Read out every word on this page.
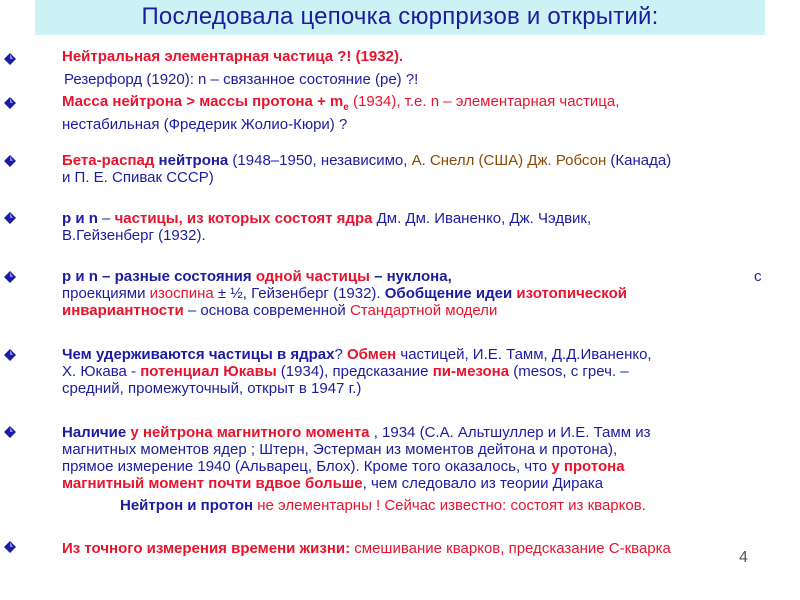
Последовала цепочка сюрпризов и открытий:
Нейтральная элементарная частица ?! (1932).
Резерфорд (1920): n – связанное состояние (pe) ?!
Масса нейтрона > массы протона + $m_e$ (1934), т.е. n – элементарная частица,
нестабильная (Фредерик Жолио-Кюри) ?
Бета-распад нейтрона (1948–1950, независимо, А. Снелл (США) Дж. Робсон (Канада)
и П. Е. Спивак СССР)
p и n – частицы, из которых состоят ядра Дм. Дм. Иваненко, Дж. Чэдвик,
В.Гейзенберг (1932).
p и n – разные состояния одной частицы – нуклона,	с

проекциями изоспина ± ½, Гейзенберг (1932). Обобщение идеи изотопической
инвариантности – основа современной Стандартной модели
Чем удерживаются частицы в ядрах? Обмен частицей, И.Е. Тамм, Д.Д.Иваненко,
Х. Юкава - потенциал Юкавы (1934), предсказание пи-мезона (mesos, с греч. –
средний, промежуточный, открыт в 1947 г.)
Наличие у нейтрона магнитного момента , 1934 (С.А. Альтшуллер и И.Е. Тамм из
магнитных моментов ядер ; Штерн, Эстерман из моментов дейтона и протона),
прямое измерение 1940 (Альварец, Блох). Кроме того оказалось, что у протона
магнитный момент почти вдвое больше, чем следовало из теории Дирака
Нейтрон и протон не элементарны ! Сейчас известно: состоят из кварков.
Из точного измерения времени жизни: смешивание кварков, предсказание С-кварка
4
